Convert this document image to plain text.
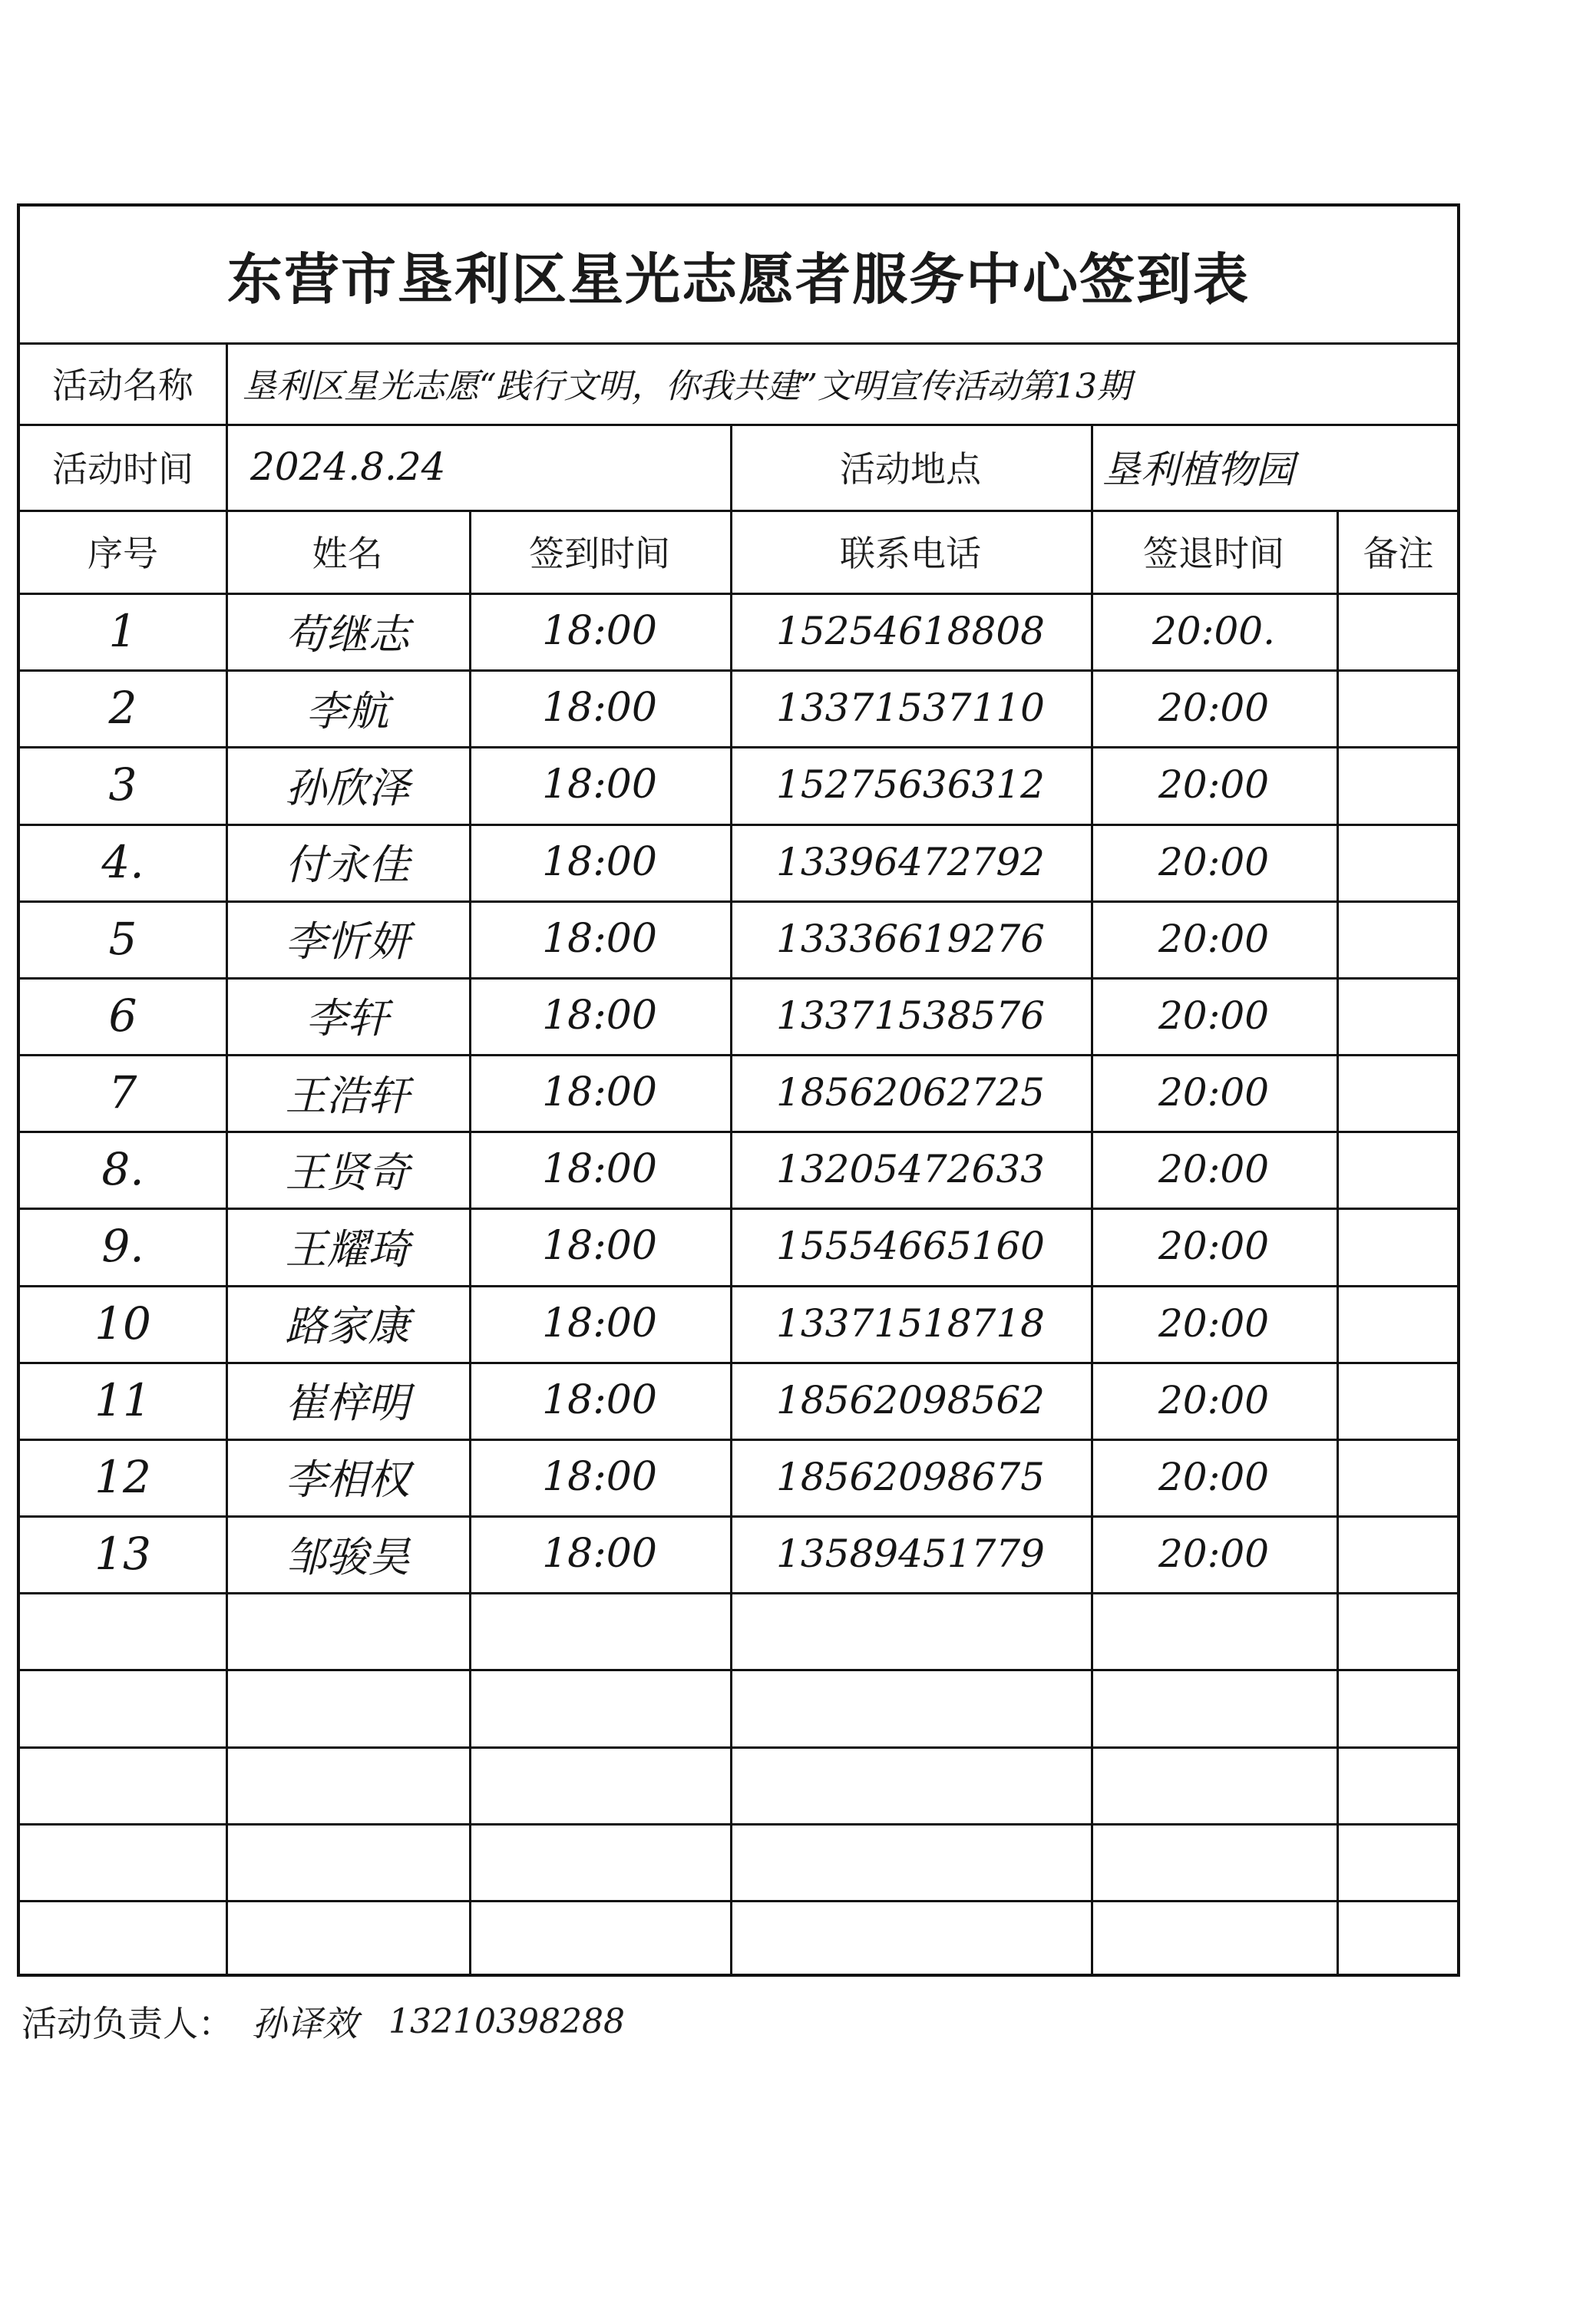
东营市垦利区星光志愿者服务中心签到表
活动名称	垦利区星光志愿“践行文明，你我共建”文明宣传活动第13期
活动时间	2024.8.24	活动地点	垦利植物园
序号	姓名	签到时间	联系电话	签退时间	备注
1	苟继志	18:00	15254618808	20:00.
2	李航	18:00	13371537110	20:00
3	孙欣泽	18:00	15275636312	20:00
4.	付永佳	18:00	13396472792	20:00
5	李忻妍	18:00	13336619276	20:00
6	李轩	18:00	13371538576	20:00
7	王浩轩	18:00	18562062725	20:00
8.	王贤奇	18:00	13205472633	20:00
9.	王耀琦	18:00	15554665160	20:00
10	路家康	18:00	13371518718	20:00
11	崔梓明	18:00	18562098562	20:00
12	李相权	18:00	18562098675	20:00
13	邹骏昊	18:00	13589451779	20:00
活动负责人： 孙译效 13210398288
